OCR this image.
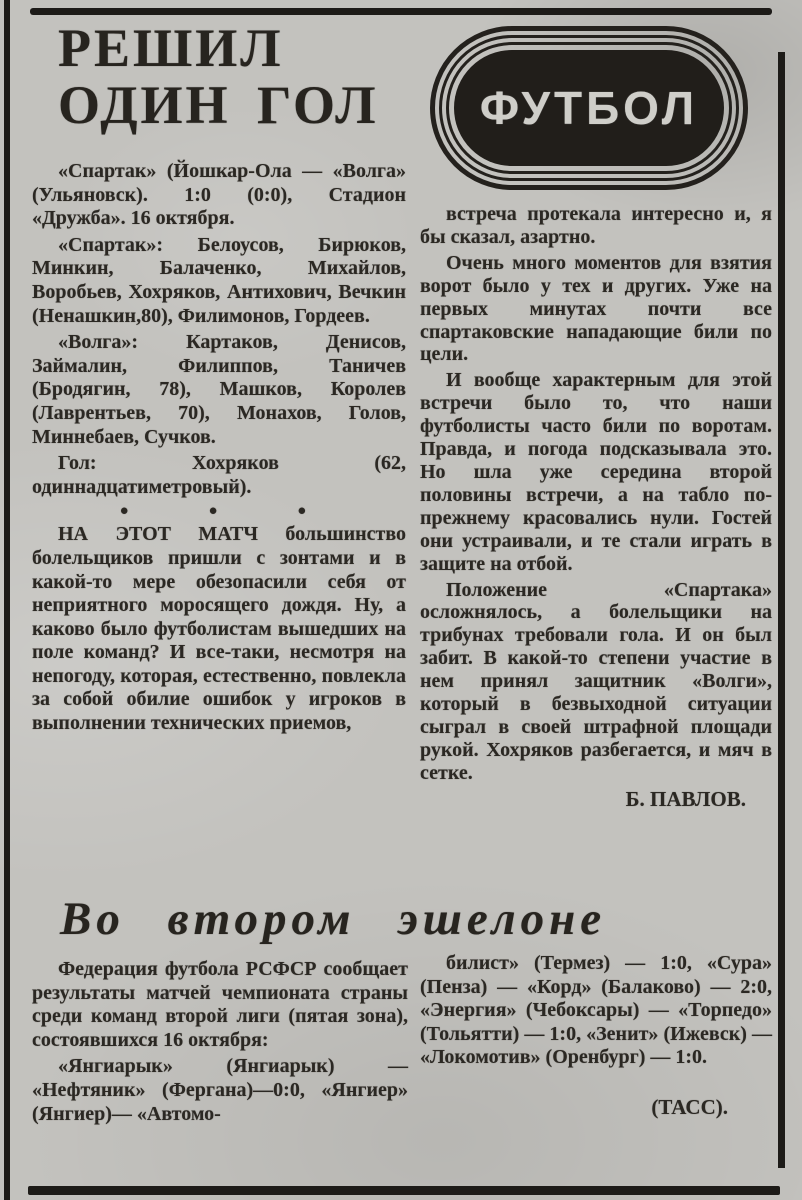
РЕШИЛ
ОДИН ГОЛ	ФУТБОЛ

«Спартак» (Йошкар-Ола — «Волга» (Ульяновск). 1:0 (0:0), Стадион «Дружба». 16 октября.

«Спартак»: Белоусов, Бирюков, Минкин, Балаченко, Михайлов, Воробьев, Хохряков, Антихович, Вечкин (Ненашкин,80), Филимонов, Гордеев.

«Волга»: Картаков, Денисов, Займалин, Филиппов, Таничев (Бродягин, 78), Машков, Королев (Лаврентьев, 70), Монахов, Голов, Миннебаев, Сучков.

Гол: Хохряков (62, одиннадцатиметровый).

● ● ●

НА ЭТОТ МАТЧ большинство болельщиков пришли с зонтами и в какой-то мере обезопасили себя от неприятного моросящего дождя. Ну, а каково было футболистам вышедших на поле команд? И все-таки, несмотря на непогоду, которая, естественно, повлекла за собой обилие ошибок у игроков в выполнении технических приемов,

встреча протекала интересно и, я бы сказал, азартно.

Очень много моментов для взятия ворот было у тех и других. Уже на первых минутах почти все спартаковские нападающие били по цели.

И вообще характерным для этой встречи было то, что наши футболисты часто били по воротам. Правда, и погода подсказывала это. Но шла уже середина второй половины встречи, а на табло по-прежнему красовались нули. Гостей они устраивали, и те стали играть в защите на отбой.

Положение «Спартака» осложнялось, а болельщики на трибунах требовали гола. И он был забит. В какой-то степени участие в нем принял защитник «Волги», который в безвыходной ситуации сыграл в своей штрафной площади рукой. Хохряков разбегается, и мяч в сетке.

Б. ПАВЛОВ.

Во втором эшелоне

Федерация футбола РСФСР сообщает результаты матчей чемпионата страны среди команд второй лиги (пятая зона), состоявшихся 16 октября:

«Янгиарык» (Янгиарык) — «Нефтяник» (Фергана)—0:0, «Янгиер» (Янгиер)— «Автомо-

билист» (Термез) — 1:0, «Сура» (Пенза) — «Корд» (Балаково) — 2:0, «Энергия» (Чебоксары) — «Торпедо» (Тольятти) — 1:0, «Зенит» (Ижевск) — «Локомотив» (Оренбург) — 1:0.

(ТАСС).
